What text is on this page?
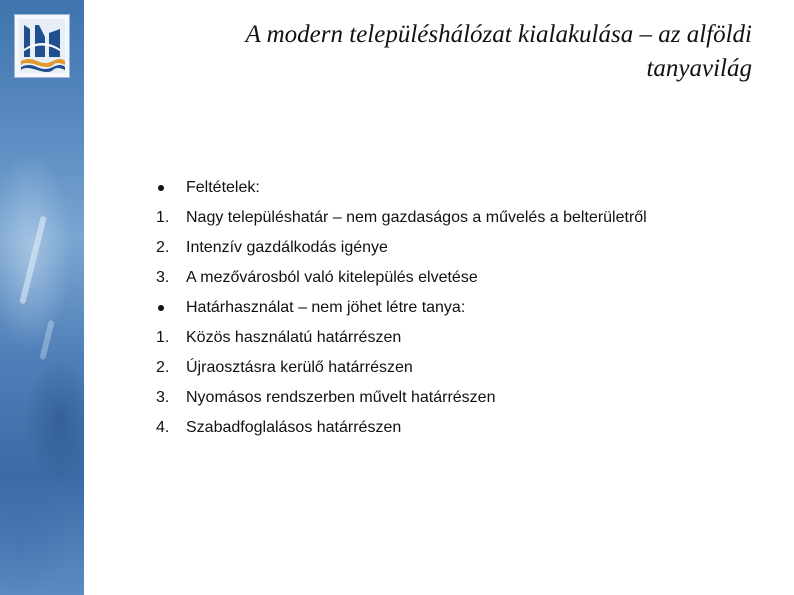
A modern településhálózat kialakulása – az alföldi tanyavilág
Feltételek:
1.	Nagy településhatár – nem gazdaságos a művelés a belterületről
2.	Intenzív gazdálkodás igénye
3.	A mezővárosból való kitelepülés elvetése
Határhasználat – nem jöhet létre tanya:
1.	Közös használatú határrészen
2.	Újraosztásra kerülő határrészen
3.	Nyomásos rendszerben művelt határrészen
4.	Szabadfoglalásos határrészen
